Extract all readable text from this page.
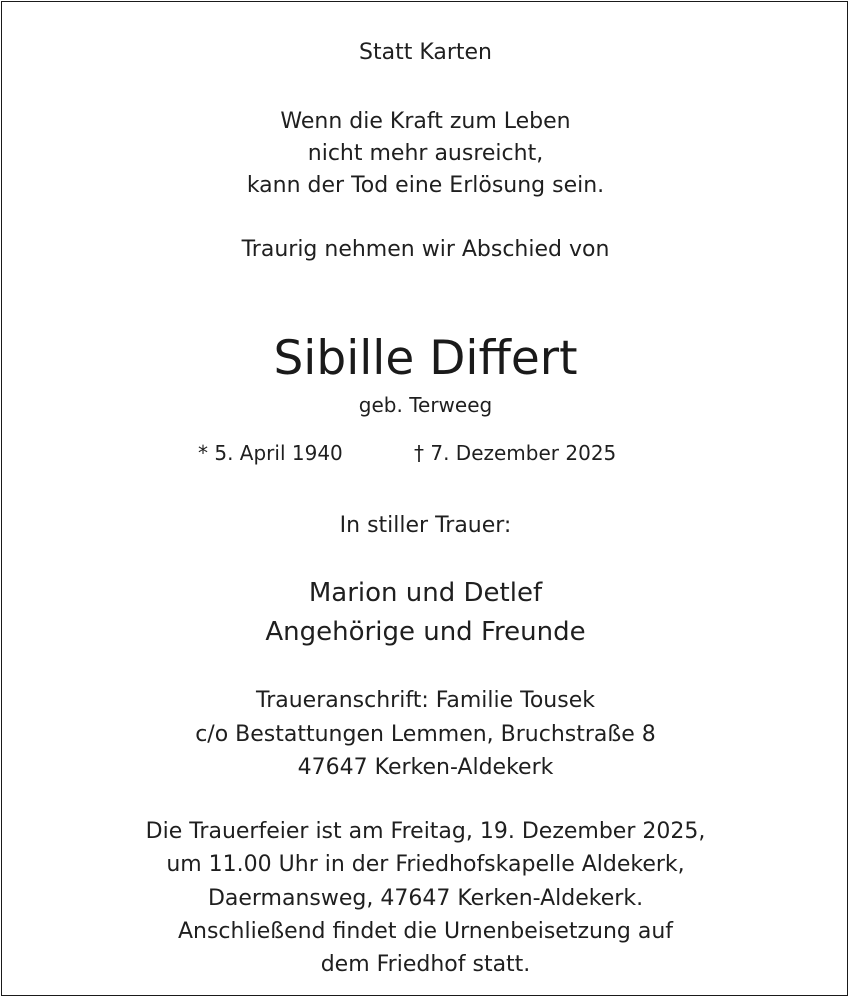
Statt Karten
Wenn die Kraft zum Leben
nicht mehr ausreicht,
kann der Tod eine Erlösung sein.
Traurig nehmen wir Abschied von
Sibille Differt
geb. Terweeg
* 5. April 1940	† 7. Dezember 2025
In stiller Trauer:
Marion und Detlef
Angehörige und Freunde
Traueranschrift: Familie Tousek
c/o Bestattungen Lemmen, Bruchstraße 8
47647 Kerken-Aldekerk
Die Trauerfeier ist am Freitag, 19. Dezember 2025,
um 11.00 Uhr in der Friedhofskapelle Aldekerk,
Daermansweg, 47647 Kerken-Aldekerk.
Anschließend findet die Urnenbeisetzung auf
dem Friedhof statt.
